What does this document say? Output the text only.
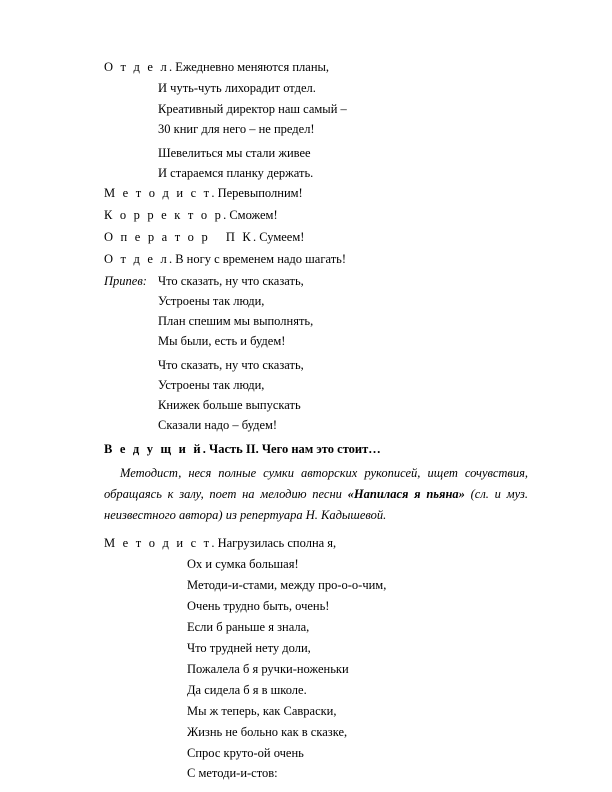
О т д е л. Ежедневно меняются планы,
И чуть-чуть лихорадит отдел.
Креативный директор наш самый –
30 книг для него – не предел!
Шевелиться мы стали живее
И стараемся планку держать.
М е т о д и с т. Перевыполним!
К о р р е к т о р. Сможем!
О п е р а т о р   П К. Сумеем!
О т д е л. В ногу с временем надо шагать!
Припев: Что сказать, ну что сказать,
Устроены так люди,
План спешим мы выполнять,
Мы были, есть и будем!
Что сказать, ну что сказать,
Устроены так люди,
Книжек больше выпускать
Сказали надо – будем!
В е д у щ и й. Часть II. Чего нам это стоит…

Методист, неся полные сумки авторских рукописей, ищет сочувствия, обращаясь к залу, поет на мелодию песни «Напилася я пьяна» (сл. и муз. неизвестного автора) из репертуара Н. Кадышевой.

М е т о д и с т. Нагрузилась сполна я,
Ох и сумка большая!
Методи-и-стами, между про-о-о-чим,
Очень трудно быть, очень!
Если б раньше я знала,
Что трудней нету доли,
Пожалела б я ручки-ноженьки
Да сидела б я в школе.
Мы ж теперь, как Савраски,
Жизнь не больно как в сказке,
Спрос круто-ой очень
С методи-и-стов:
